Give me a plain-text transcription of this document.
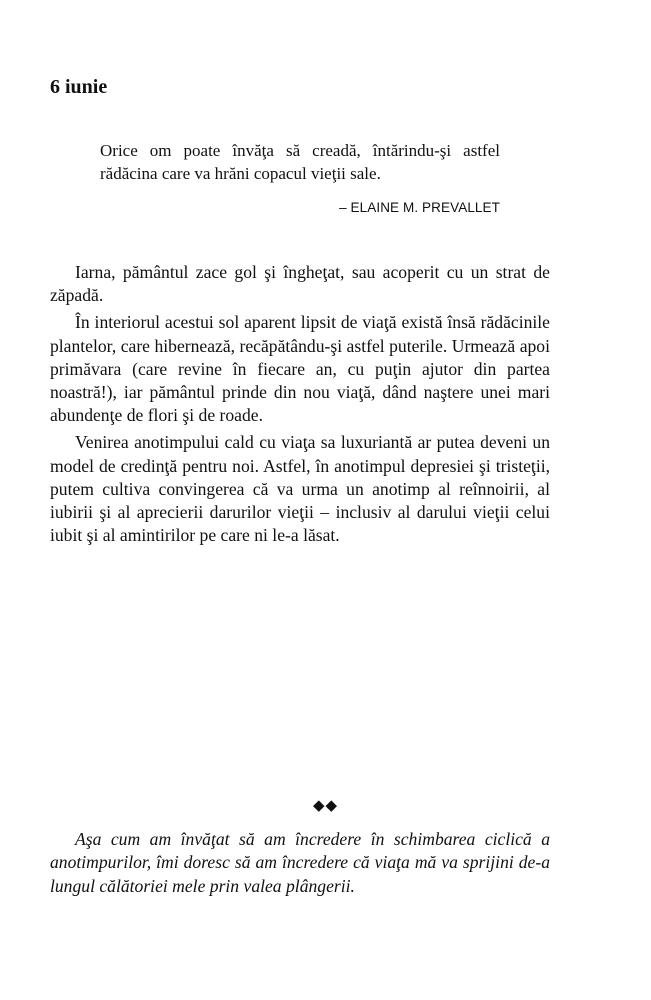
6 iunie

Orice om poate învăţa să creadă, întărindu-şi astfel rădăcina care va hrăni copacul vieţii sale.

– ELAINE M. PREVALLET

Iarna, pământul zace gol şi îngheţat, sau acoperit cu un strat de zăpadă.

În interiorul acestui sol aparent lipsit de viaţă există însă rădăcinile plantelor, care hibernează, recăpătându-şi astfel puterile. Urmează apoi primăvara (care revine în fiecare an, cu puţin ajutor din partea noastră!), iar pământul prinde din nou viaţă, dând naştere unei mari abundenţe de flori şi de roade.

Venirea anotimpului cald cu viaţa sa luxuriantă ar putea deveni un model de credinţă pentru noi. Astfel, în anotimpul depresiei şi tristeţii, putem cultiva convingerea că va urma un anotimp al reînnoirii, al iubirii şi al aprecierii darurilor vieţii – inclusiv al darului vieţii celui iubit şi al amintirilor pe care ni le-a lăsat.

◆◆

Aşa cum am învăţat să am încredere în schimbarea ciclică a anotimpurilor, îmi doresc să am încredere că viaţa mă va sprijini de-a lungul călătoriei mele prin valea plângerii.
